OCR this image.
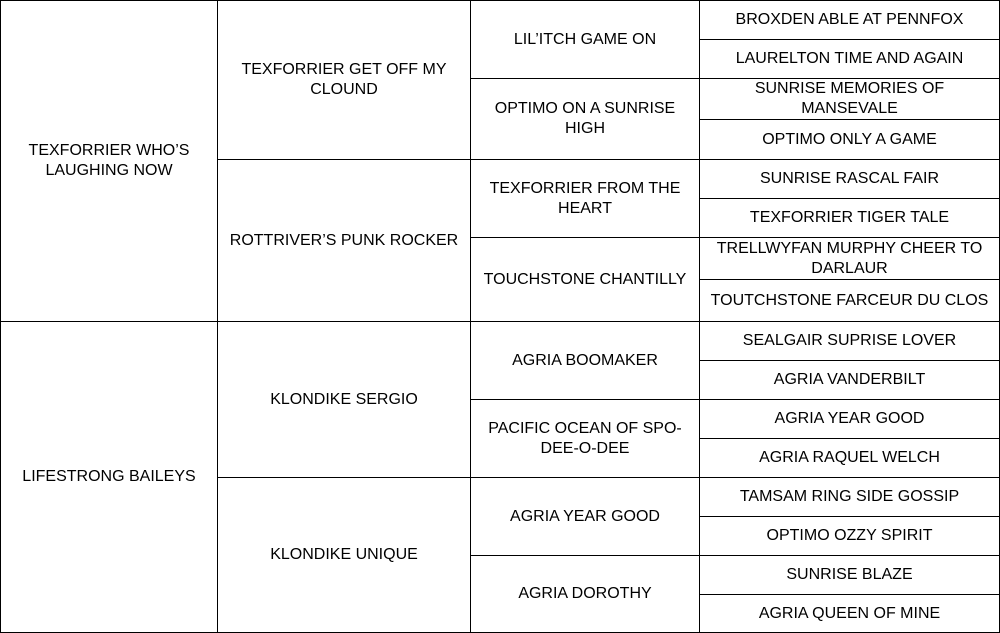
TEXFORRIER WHO’S LAUGHING NOW
LIFESTRONG BAILEYS
TEXFORRIER GET OFF MY CLOUND
ROTTRIVER’S PUNK ROCKER
KLONDIKE SERGIO
KLONDIKE UNIQUE
LIL’ITCH GAME ON
OPTIMO ON A SUNRISE HIGH
TEXFORRIER FROM THE HEART
TOUCHSTONE CHANTILLY
AGRIA BOOMAKER
PACIFIC OCEAN OF SPO-DEE-O-DEE
AGRIA YEAR GOOD
AGRIA DOROTHY
BROXDEN ABLE AT PENNFOX
LAURELTON TIME AND AGAIN
SUNRISE MEMORIES OF MANSEVALE
OPTIMO ONLY A GAME
SUNRISE RASCAL FAIR
TEXFORRIER TIGER TALE
TRELLWYFAN MURPHY CHEER TO DARLAUR
TOUTCHSTONE FARCEUR DU CLOS
SEALGAIR SUPRISE LOVER
AGRIA VANDERBILT
AGRIA YEAR GOOD
AGRIA RAQUEL WELCH
TAMSAM RING SIDE GOSSIP
OPTIMO OZZY SPIRIT
SUNRISE BLAZE
AGRIA QUEEN OF MINE
